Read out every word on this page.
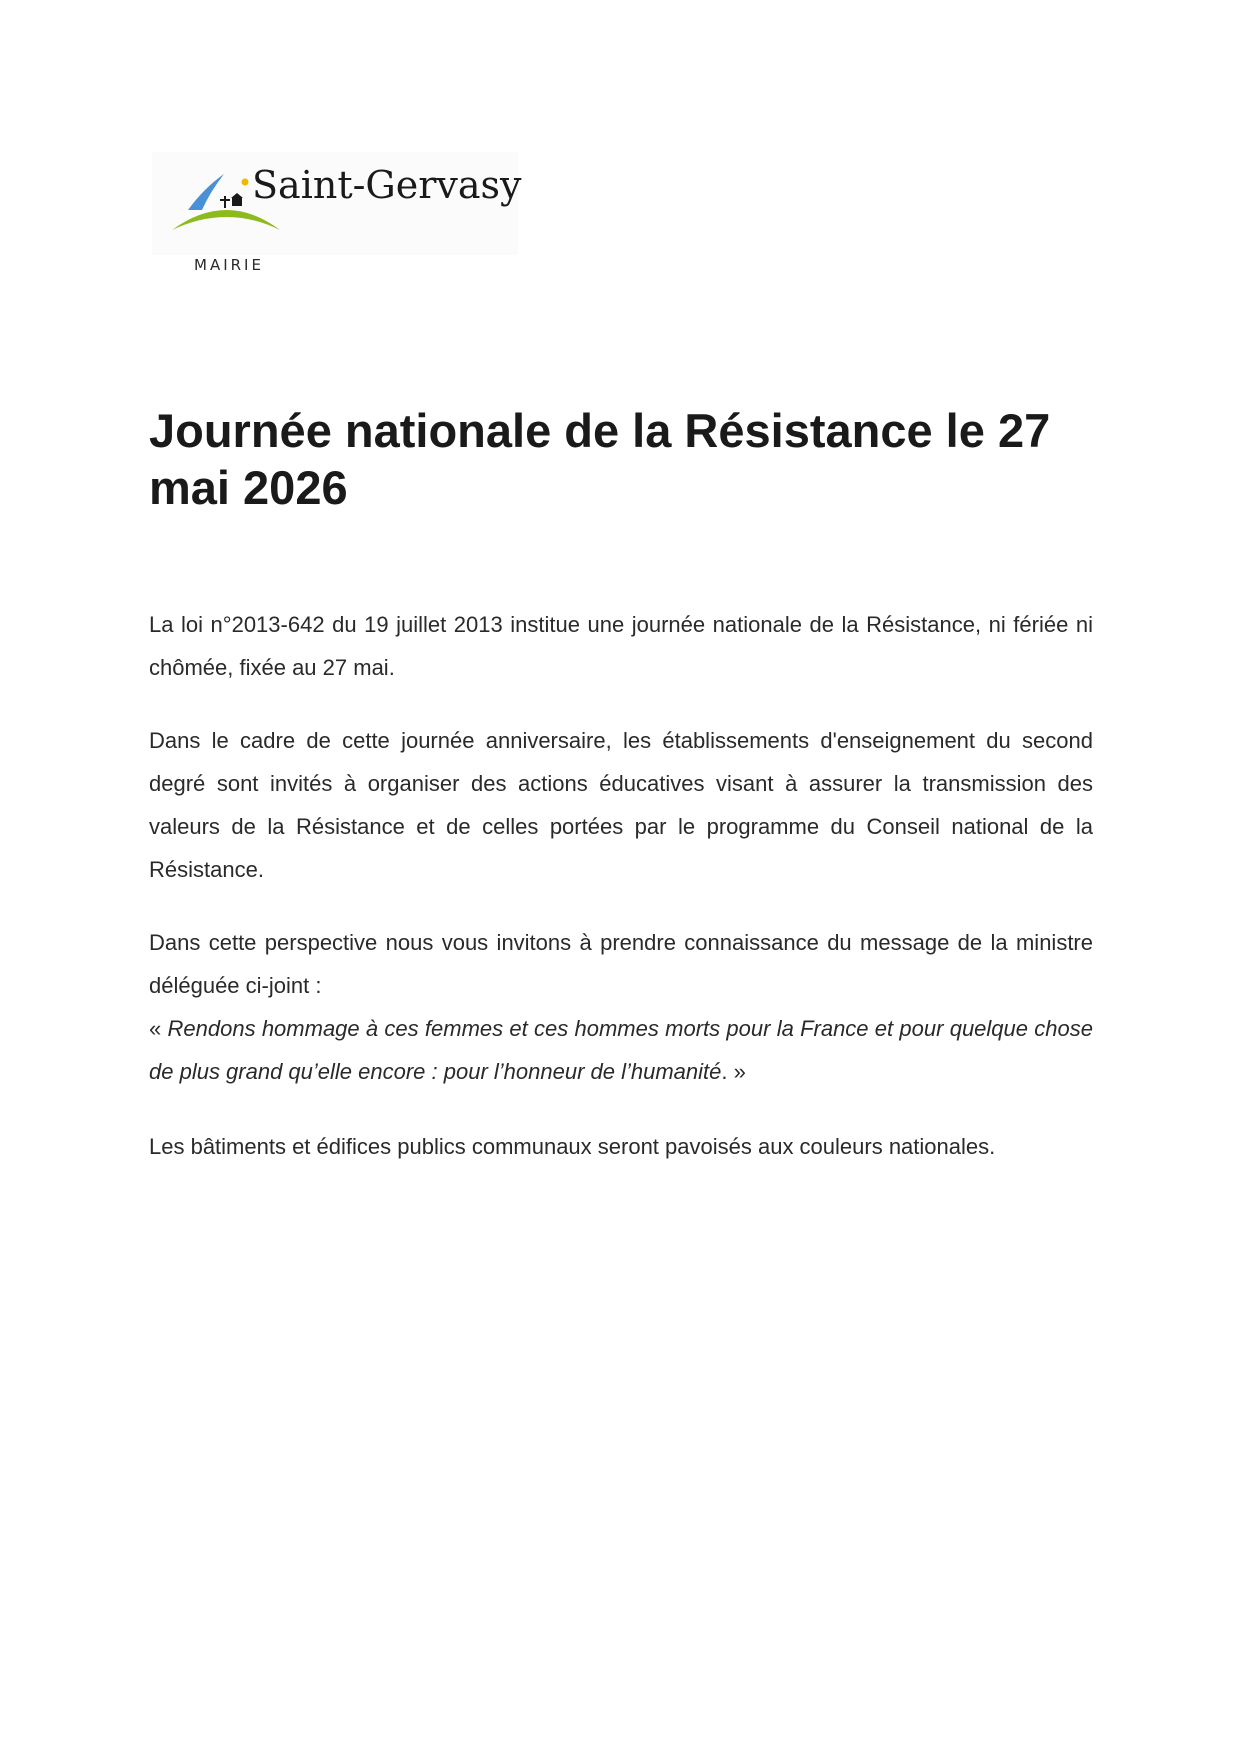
Saint-Gervasy
MAIRIE
Journée nationale de la Résistance le 27 mai 2026

La loi n°2013-642 du 19 juillet 2013 institue une journée nationale de la Résistance, ni fériée ni chômée, fixée au 27 mai.

Dans le cadre de cette journée anniversaire, les établissements d'enseignement du second degré sont invités à organiser des actions éducatives visant à assurer la transmission des valeurs de la Résistance et de celles portées par le programme du Conseil national de la Résistance.

Dans cette perspective nous vous invitons à prendre connaissance du message de la ministre déléguée ci-joint :
« Rendons hommage à ces femmes et ces hommes morts pour la France et pour quelque chose de plus grand qu’elle encore : pour l’honneur de l’humanité. »

Les bâtiments et édifices publics communaux seront pavoisés aux couleurs nationales.
